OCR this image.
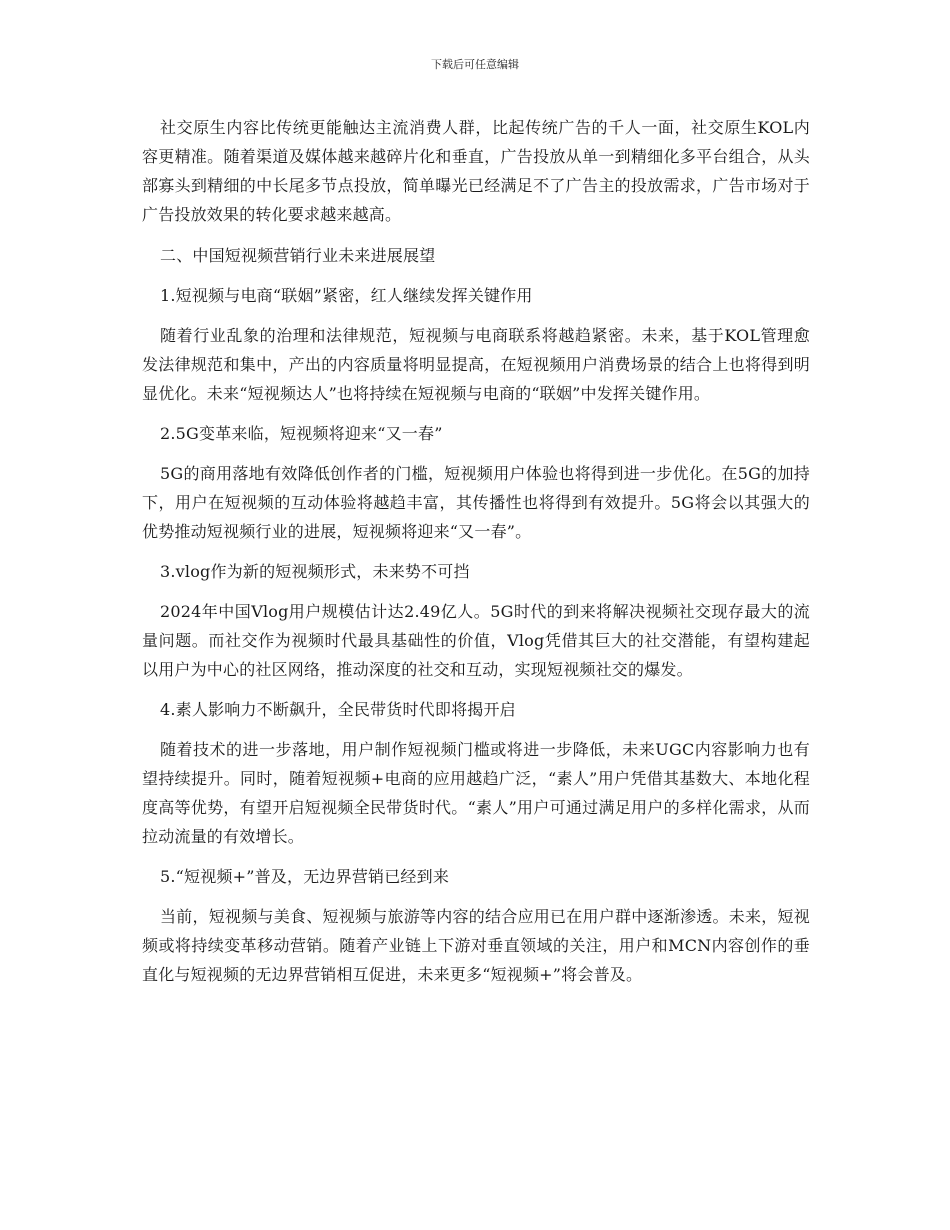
下载后可任意编辑

社交原生内容比传统更能触达主流消费人群，比起传统广告的千人一面，社交原生KOL内容更精准。随着渠道及媒体越来越碎片化和垂直，广告投放从单一到精细化多平台组合，从头部寡头到精细的中长尾多节点投放，简单曝光已经满足不了广告主的投放需求，广告市场对于广告投放效果的转化要求越来越高。

二、中国短视频营销行业未来进展展望

1.短视频与电商“联姻”紧密，红人继续发挥关键作用

随着行业乱象的治理和法律规范，短视频与电商联系将越趋紧密。未来，基于KOL管理愈发法律规范和集中，产出的内容质量将明显提高，在短视频用户消费场景的结合上也将得到明显优化。未来“短视频达人”也将持续在短视频与电商的“联姻”中发挥关键作用。

2.5G变革来临，短视频将迎来“又一春”

5G的商用落地有效降低创作者的门槛，短视频用户体验也将得到进一步优化。在5G的加持下，用户在短视频的互动体验将越趋丰富，其传播性也将得到有效提升。5G将会以其强大的优势推动短视频行业的进展，短视频将迎来“又一春”。

3.vlog作为新的短视频形式，未来势不可挡

2024年中国Vlog用户规模估计达2.49亿人。5G时代的到来将解决视频社交现存最大的流量问题。而社交作为视频时代最具基础性的价值，Vlog凭借其巨大的社交潜能，有望构建起以用户为中心的社区网络，推动深度的社交和互动，实现短视频社交的爆发。

4.素人影响力不断飙升，全民带货时代即将揭开启

随着技术的进一步落地，用户制作短视频门槛或将进一步降低，未来UGC内容影响力也有望持续提升。同时，随着短视频+电商的应用越趋广泛，“素人”用户凭借其基数大、本地化程度高等优势，有望开启短视频全民带货时代。“素人”用户可通过满足用户的多样化需求，从而拉动流量的有效增长。

5.“短视频+”普及，无边界营销已经到来

当前，短视频与美食、短视频与旅游等内容的结合应用已在用户群中逐渐渗透。未来，短视频或将持续变革移动营销。随着产业链上下游对垂直领域的关注，用户和MCN内容创作的垂直化与短视频的无边界营销相互促进，未来更多“短视频+”将会普及。
